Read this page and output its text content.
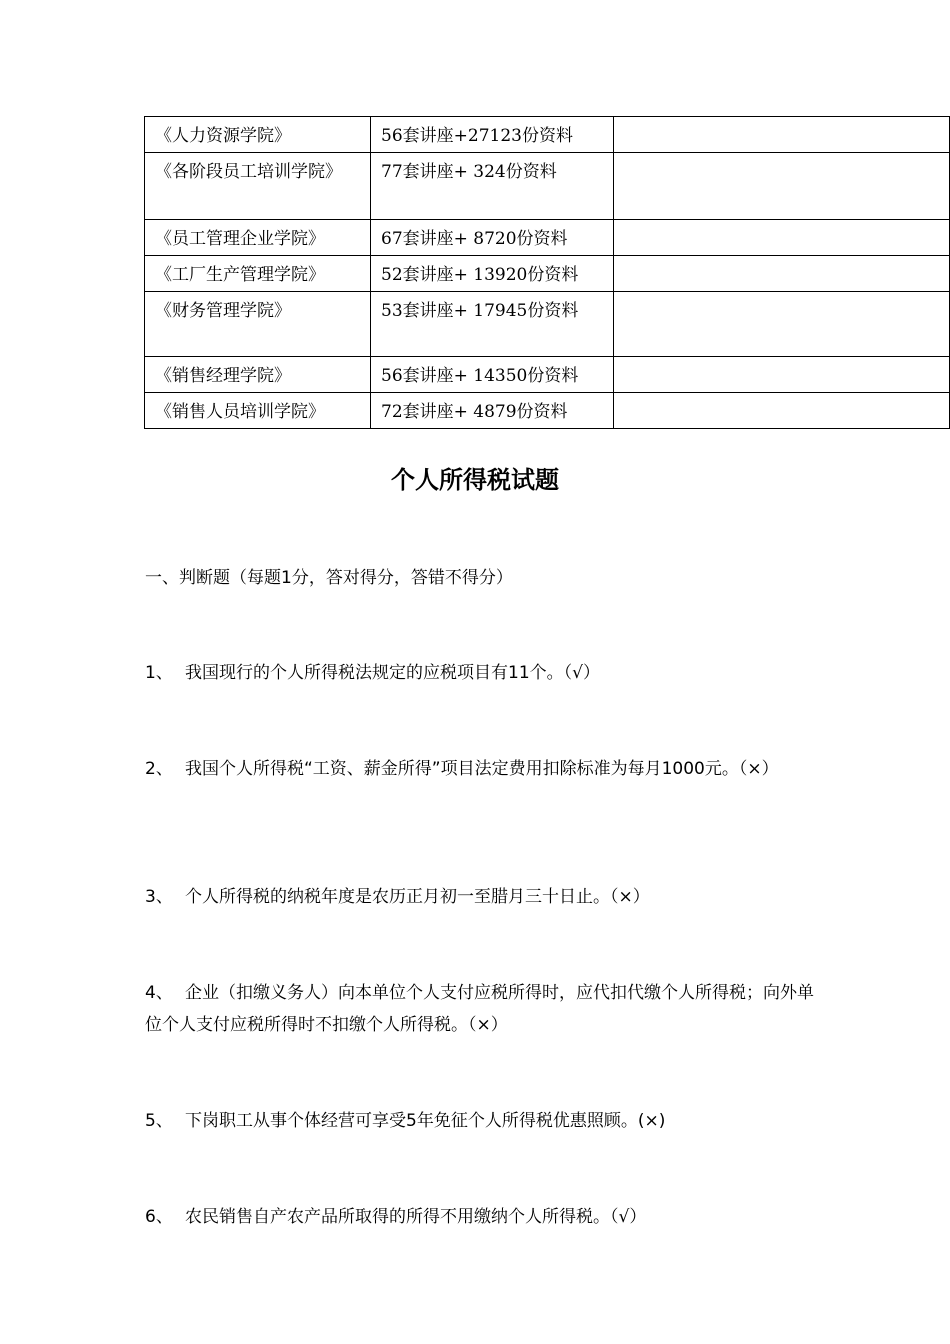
《人力资源学院》	56套讲座+27123份资料	
《各阶段员工培训学院》	77套讲座+ 324份资料	
《员工管理企业学院》	67套讲座+ 8720份资料	
《工厂生产管理学院》	52套讲座+ 13920份资料	
《财务管理学院》	53套讲座+ 17945份资料	
《销售经理学院》	56套讲座+ 14350份资料	
《销售人员培训学院》	72套讲座+ 4879份资料	
个人所得税试题

一、判断题（每题1分，答对得分，答错不得分）

1、 我国现行的个人所得税法规定的应税项目有11个。（√）

2、 我国个人所得税“工资、薪金所得”项目法定费用扣除标准为每月1000元。（×）

3、 个人所得税的纳税年度是农历正月初一至腊月三十日止。（×）

4、 企业（扣缴义务人）向本单位个人支付应税所得时，应代扣代缴个人所得税；向外单位个人支付应税所得时不扣缴个人所得税。（×）

5、 下岗职工从事个体经营可享受5年免征个人所得税优惠照顾。(×)

6、 农民销售自产农产品所取得的所得不用缴纳个人所得税。（√）
